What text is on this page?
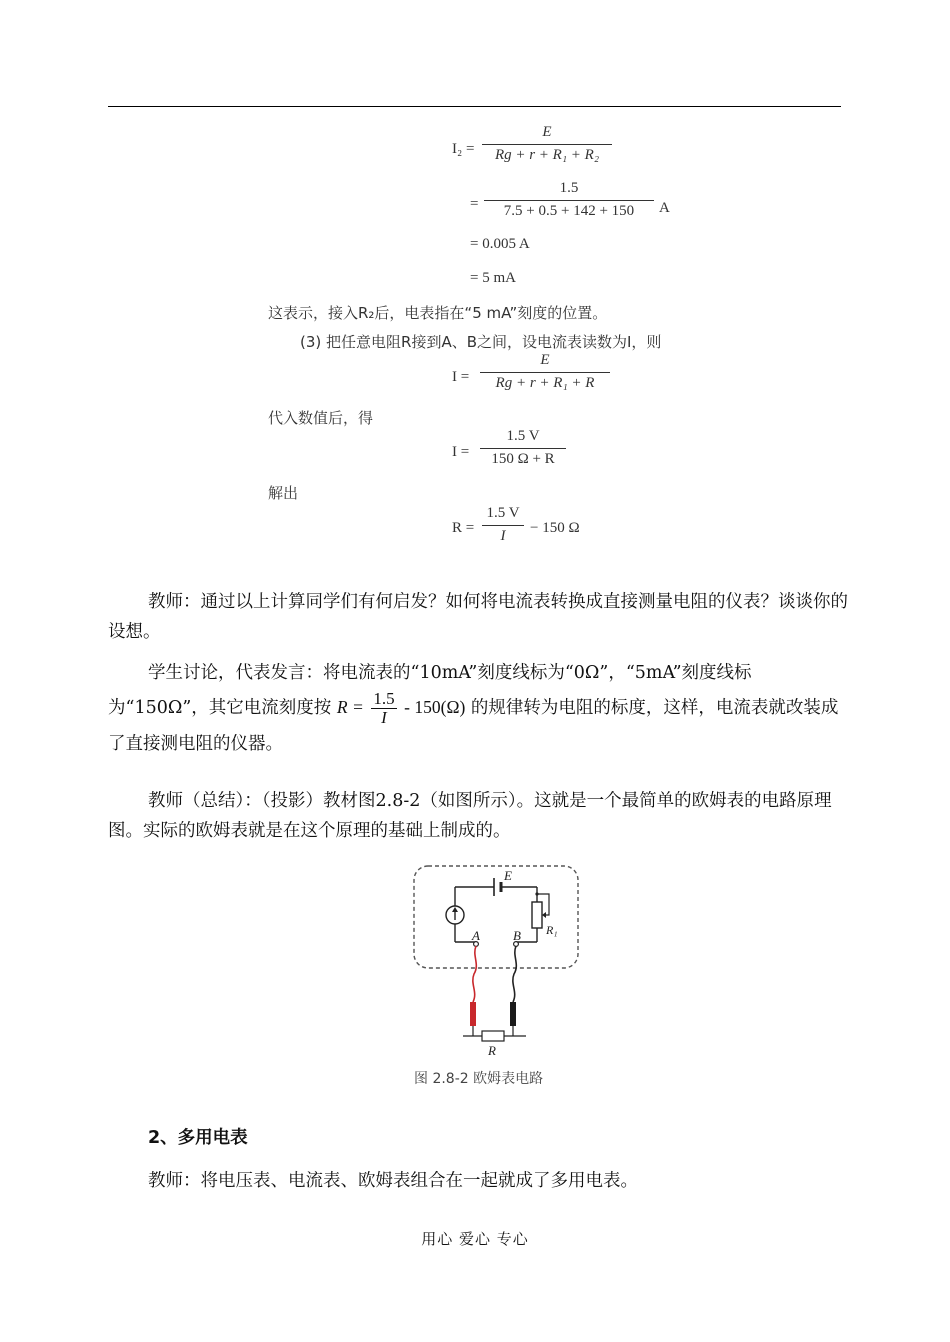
I₂ =
E
Rg + r + R₁ + R₂
=
1.5
7.5 + 0.5 + 142 + 150	A
= 0.005 A
= 5 mA
这表示，接入R₂后，电表指在“5 mA”刻度的位置。
(3) 把任意电阻R接到A、B之间，设电流表读数为I，则
I =
E
Rg + r + R₁ + R
代入数值后，得
I =
1.5 V
150 Ω + R
解出
R =
1.5 V
I	− 150 Ω
教师：通过以上计算同学们有何启发？如何将电流表转换成直接测量电阻的仪表？谈谈你的设想。
学生讨论，代表发言：将电流表的“10mA”刻度线标为“0Ω”，“5mA”刻度线标为“150Ω”，其它电流刻度按 $R = \frac{1.5}{I} - 150(\Omega)$ 的规律转为电阻的标度，这样，电流表就改装成了直接测电阻的仪器。
教师（总结）：（投影）教材图2.8-2（如图所示）。这就是一个最简单的欧姆表的电路原理图。实际的欧姆表就是在这个原理的基础上制成的。
E
A	B R₁
R
图 2.8-2 欧姆表电路
2、多用电表
教师：将电压表、电流表、欧姆表组合在一起就成了多用电表。
用心 爱心 专心
